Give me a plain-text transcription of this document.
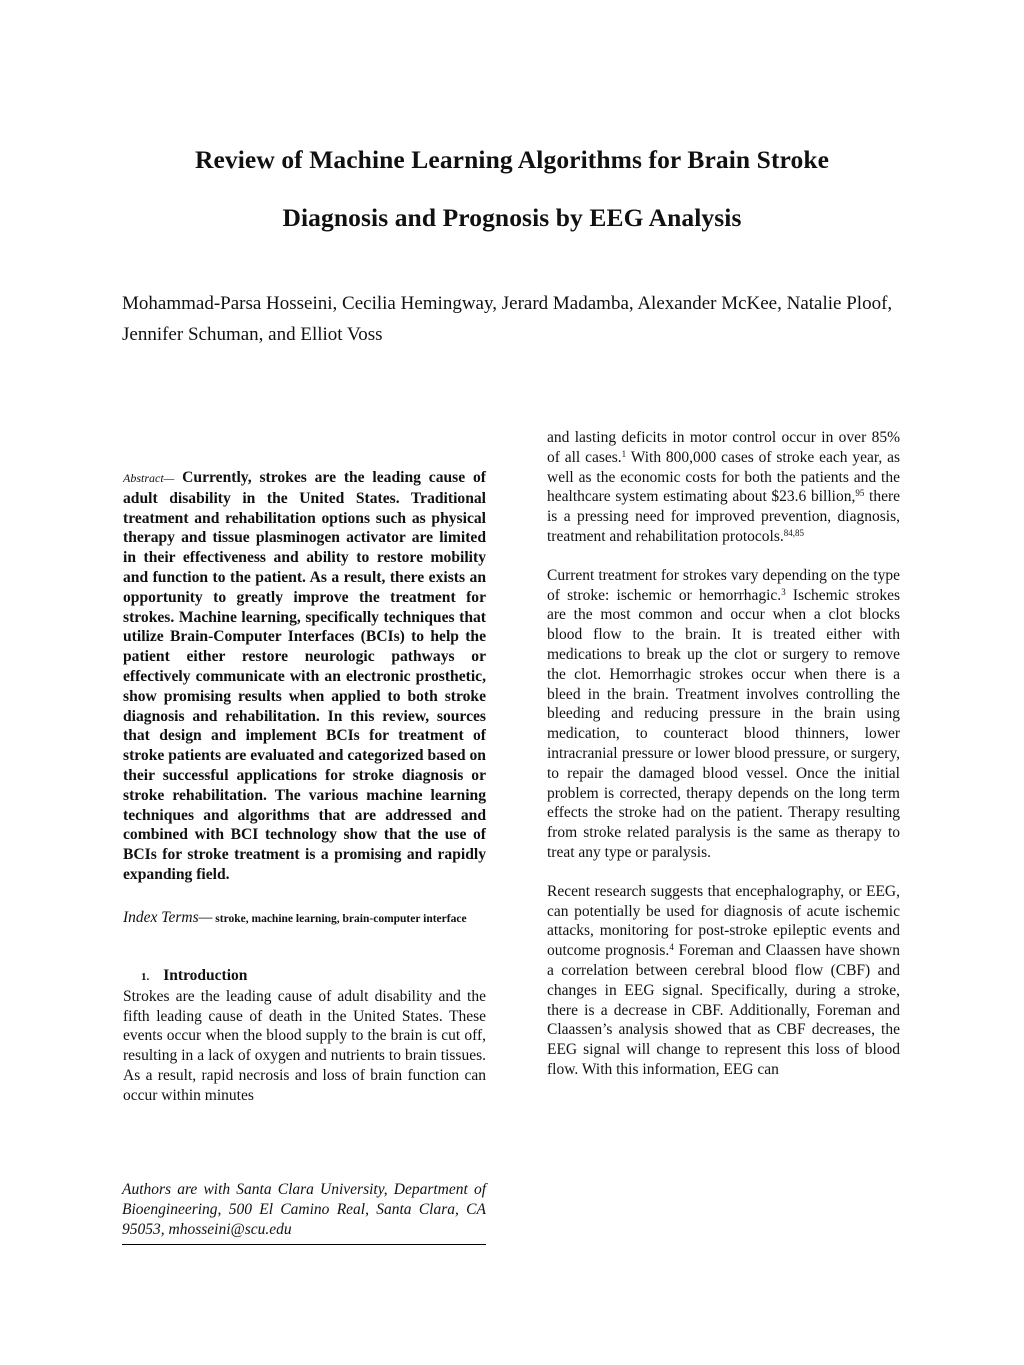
Review of Machine Learning Algorithms for Brain Stroke
Diagnosis and Prognosis by EEG Analysis
Mohammad-Parsa Hosseini, Cecilia Hemingway, Jerard Madamba, Alexander McKee, Natalie Ploof, Jennifer Schuman, and Elliot Voss
Abstract— Currently, strokes are the leading cause of adult disability in the United States. Traditional treatment and rehabilitation options such as physical therapy and tissue plasminogen activator are limited in their effectiveness and ability to restore mobility and function to the patient. As a result, there exists an opportunity to greatly improve the treatment for strokes. Machine learning, specifically techniques that utilize Brain-Computer Interfaces (BCIs) to help the patient either restore neurologic pathways or effectively communicate with an electronic prosthetic, show promising results when applied to both stroke diagnosis and rehabilitation. In this review, sources that design and implement BCIs for treatment of stroke patients are evaluated and categorized based on their successful applications for stroke diagnosis or stroke rehabilitation. The various machine learning techniques and algorithms that are addressed and combined with BCI technology show that the use of BCIs for stroke treatment is a promising and rapidly expanding field.
Index Terms— stroke, machine learning, brain-computer interface
1. Introduction
Strokes are the leading cause of adult disability and the fifth leading cause of death in the United States. These events occur when the blood supply to the brain is cut off, resulting in a lack of oxygen and nutrients to brain tissues. As a result, rapid necrosis and loss of brain function can occur within minutes
and lasting deficits in motor control occur in over 85% of all cases.$^1$ With 800,000 cases of stroke each year, as well as the economic costs for both the patients and the healthcare system estimating about $23.6 billion,$^{95}$ there is a pressing need for improved prevention, diagnosis, treatment and rehabilitation protocols.$^{84,85}$
Current treatment for strokes vary depending on the type of stroke: ischemic or hemorrhagic.$^3$ Ischemic strokes are the most common and occur when a clot blocks blood flow to the brain. It is treated either with medications to break up the clot or surgery to remove the clot. Hemorrhagic strokes occur when there is a bleed in the brain. Treatment involves controlling the bleeding and reducing pressure in the brain using medication, to counteract blood thinners, lower intracranial pressure or lower blood pressure, or surgery, to repair the damaged blood vessel. Once the initial problem is corrected, therapy depends on the long term effects the stroke had on the patient. Therapy resulting from stroke related paralysis is the same as therapy to treat any type or paralysis.
Recent research suggests that encephalography, or EEG, can potentially be used for diagnosis of acute ischemic attacks, monitoring for post-stroke epileptic events and outcome prognosis.$^4$ Foreman and Claassen have shown a correlation between cerebral blood flow (CBF) and changes in EEG signal. Specifically, during a stroke, there is a decrease in CBF. Additionally, Foreman and Claassen’s analysis showed that as CBF decreases, the EEG signal will change to represent this loss of blood flow. With this information, EEG can
Authors are with Santa Clara University, Department of Bioengineering, 500 El Camino Real, Santa Clara, CA 95053, mhosseini@scu.edu
